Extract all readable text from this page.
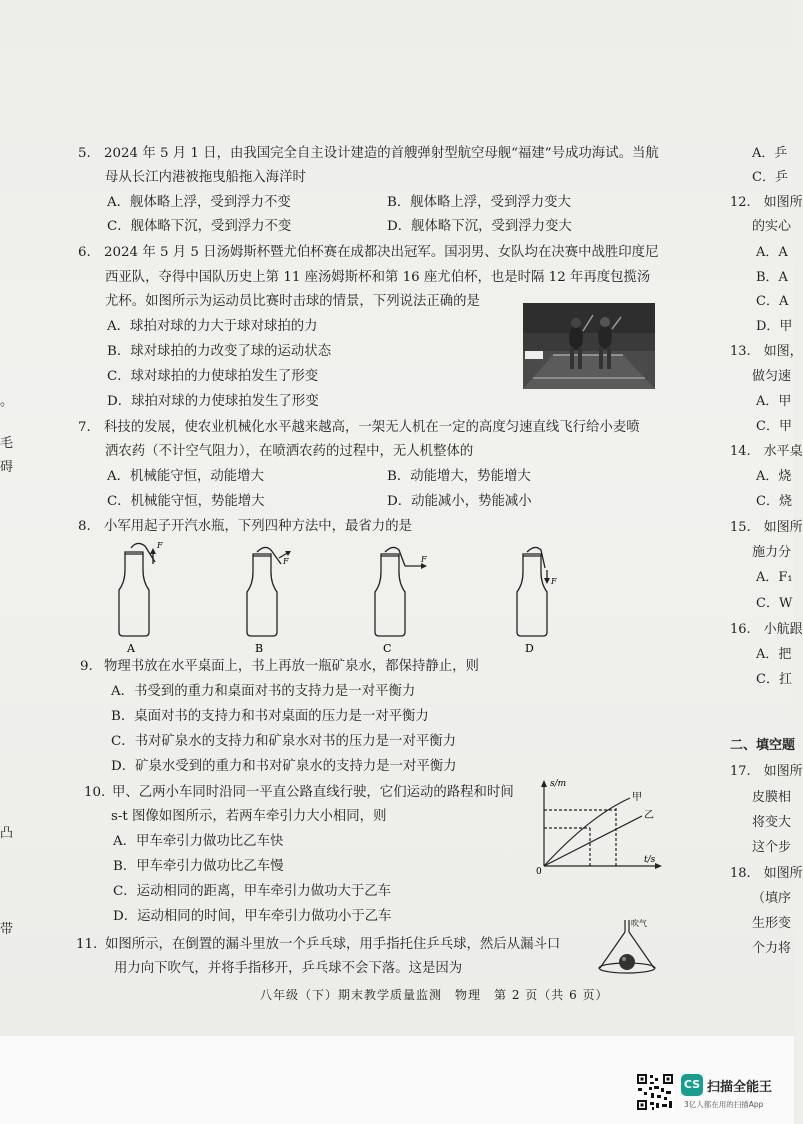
。
毛
碍
凸
带
5. 2024 年 5 月 1 日，由我国完全自主设计建造的首艘弹射型航空母舰“福建”号成功海试。当航
母从长江内港被拖曳船拖入海洋时
A．舰体略上浮，受到浮力不变	B．舰体略上浮，受到浮力变大
C．舰体略下沉，受到浮力不变	D．舰体略下沉，受到浮力变大
6. 2024 年 5 月 5 日汤姆斯杯暨尤伯杯赛在成都决出冠军。国羽男、女队均在决赛中战胜印度尼
西亚队，夺得中国队历史上第 11 座汤姆斯杯和第 16 座尤伯杯，也是时隔 12 年再度包揽汤
尤杯。如图所示为运动员比赛时击球的情景，下列说法正确的是
A．球拍对球的力大于球对球拍的力
B．球对球拍的力改变了球的运动状态
C．球对球拍的力使球拍发生了形变
D．球拍对球的力使球拍发生了形变
7. 科技的发展，使农业机械化水平越来越高，一架无人机在一定的高度匀速直线飞行给小麦喷
洒农药（不计空气阻力），在喷洒农药的过程中，无人机整体的
A．机械能守恒，动能增大	B．动能增大，势能增大
C．机械能守恒，势能增大	D．动能减小，势能减小
8. 小军用起子开汽水瓶，下列四种方法中，最省力的是
F
F	F
F
A	B	C	D
9. 物理书放在水平桌面上，书上再放一瓶矿泉水，都保持静止，则
A．书受到的重力和桌面对书的支持力是一对平衡力
B．桌面对书的支持力和书对桌面的压力是一对平衡力
C．书对矿泉水的支持力和矿泉水对书的压力是一对平衡力
D．矿泉水受到的重力和书对矿泉水的支持力是一对平衡力
10. 甲、乙两小车同时沿同一平直公路直线行驶，它们运动的路程和时间
s-t 图像如图所示，若两车牵引力大小相同，则
A．甲车牵引力做功比乙车快
B．甲车牵引力做功比乙车慢
C．运动相同的距离，甲车牵引力做功大于乙车
D．运动相同的时间，甲车牵引力做功小于乙车
s/m
t/s
0
甲
乙
11. 如图所示，在倒置的漏斗里放一个乒乓球，用手指托住乒乓球，然后从漏斗口
用力向下吹气，并将手指移开，乒乓球不会下落。这是因为
吹气
八年级（下）期末教学质量监测　物理　第 2 页（共 6 页）
A．乒
C．乒
12.　如图所
的实心
A．A
B．A
C．A
D．甲
13.　如图，
做匀速
A．甲
C．甲
14.　水平桌
A．烧
C．烧
15.　如图所
施力分
A．F₁
C．W
16.　小航跟
A．把
C．扛
二、填空题
17.　如图所
皮膜相
将变大
这个步
18.　如图所
（填序
生形变
个力将
CS 扫描全能王
3亿人都在用的扫描App
